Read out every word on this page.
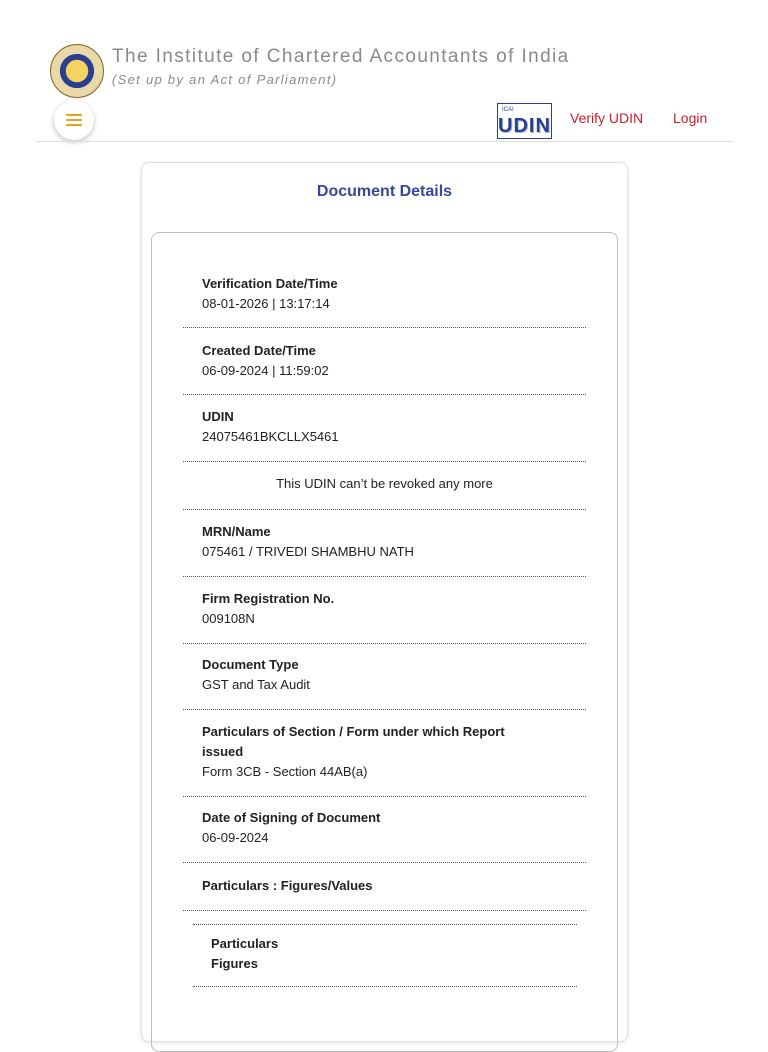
The Institute of Chartered Accountants of India
(Set up by an Act of Parliament)
ICAI
UDIN Verify UDIN Login
Document Details
Verification Date/Time
08-01-2026 | 13:17:14
Created Date/Time
06-09-2024 | 11:59:02
UDIN
24075461BKCLLX5461
This UDIN can’t be revoked any more
MRN/Name
075461 / TRIVEDI SHAMBHU NATH
Firm Registration No.
009108N
Document Type
GST and Tax Audit
Particulars of Section / Form under which Report issued
Form 3CB - Section 44AB(a)
Date of Signing of Document
06-09-2024
Particulars : Figures/Values
Particulars
Figures
